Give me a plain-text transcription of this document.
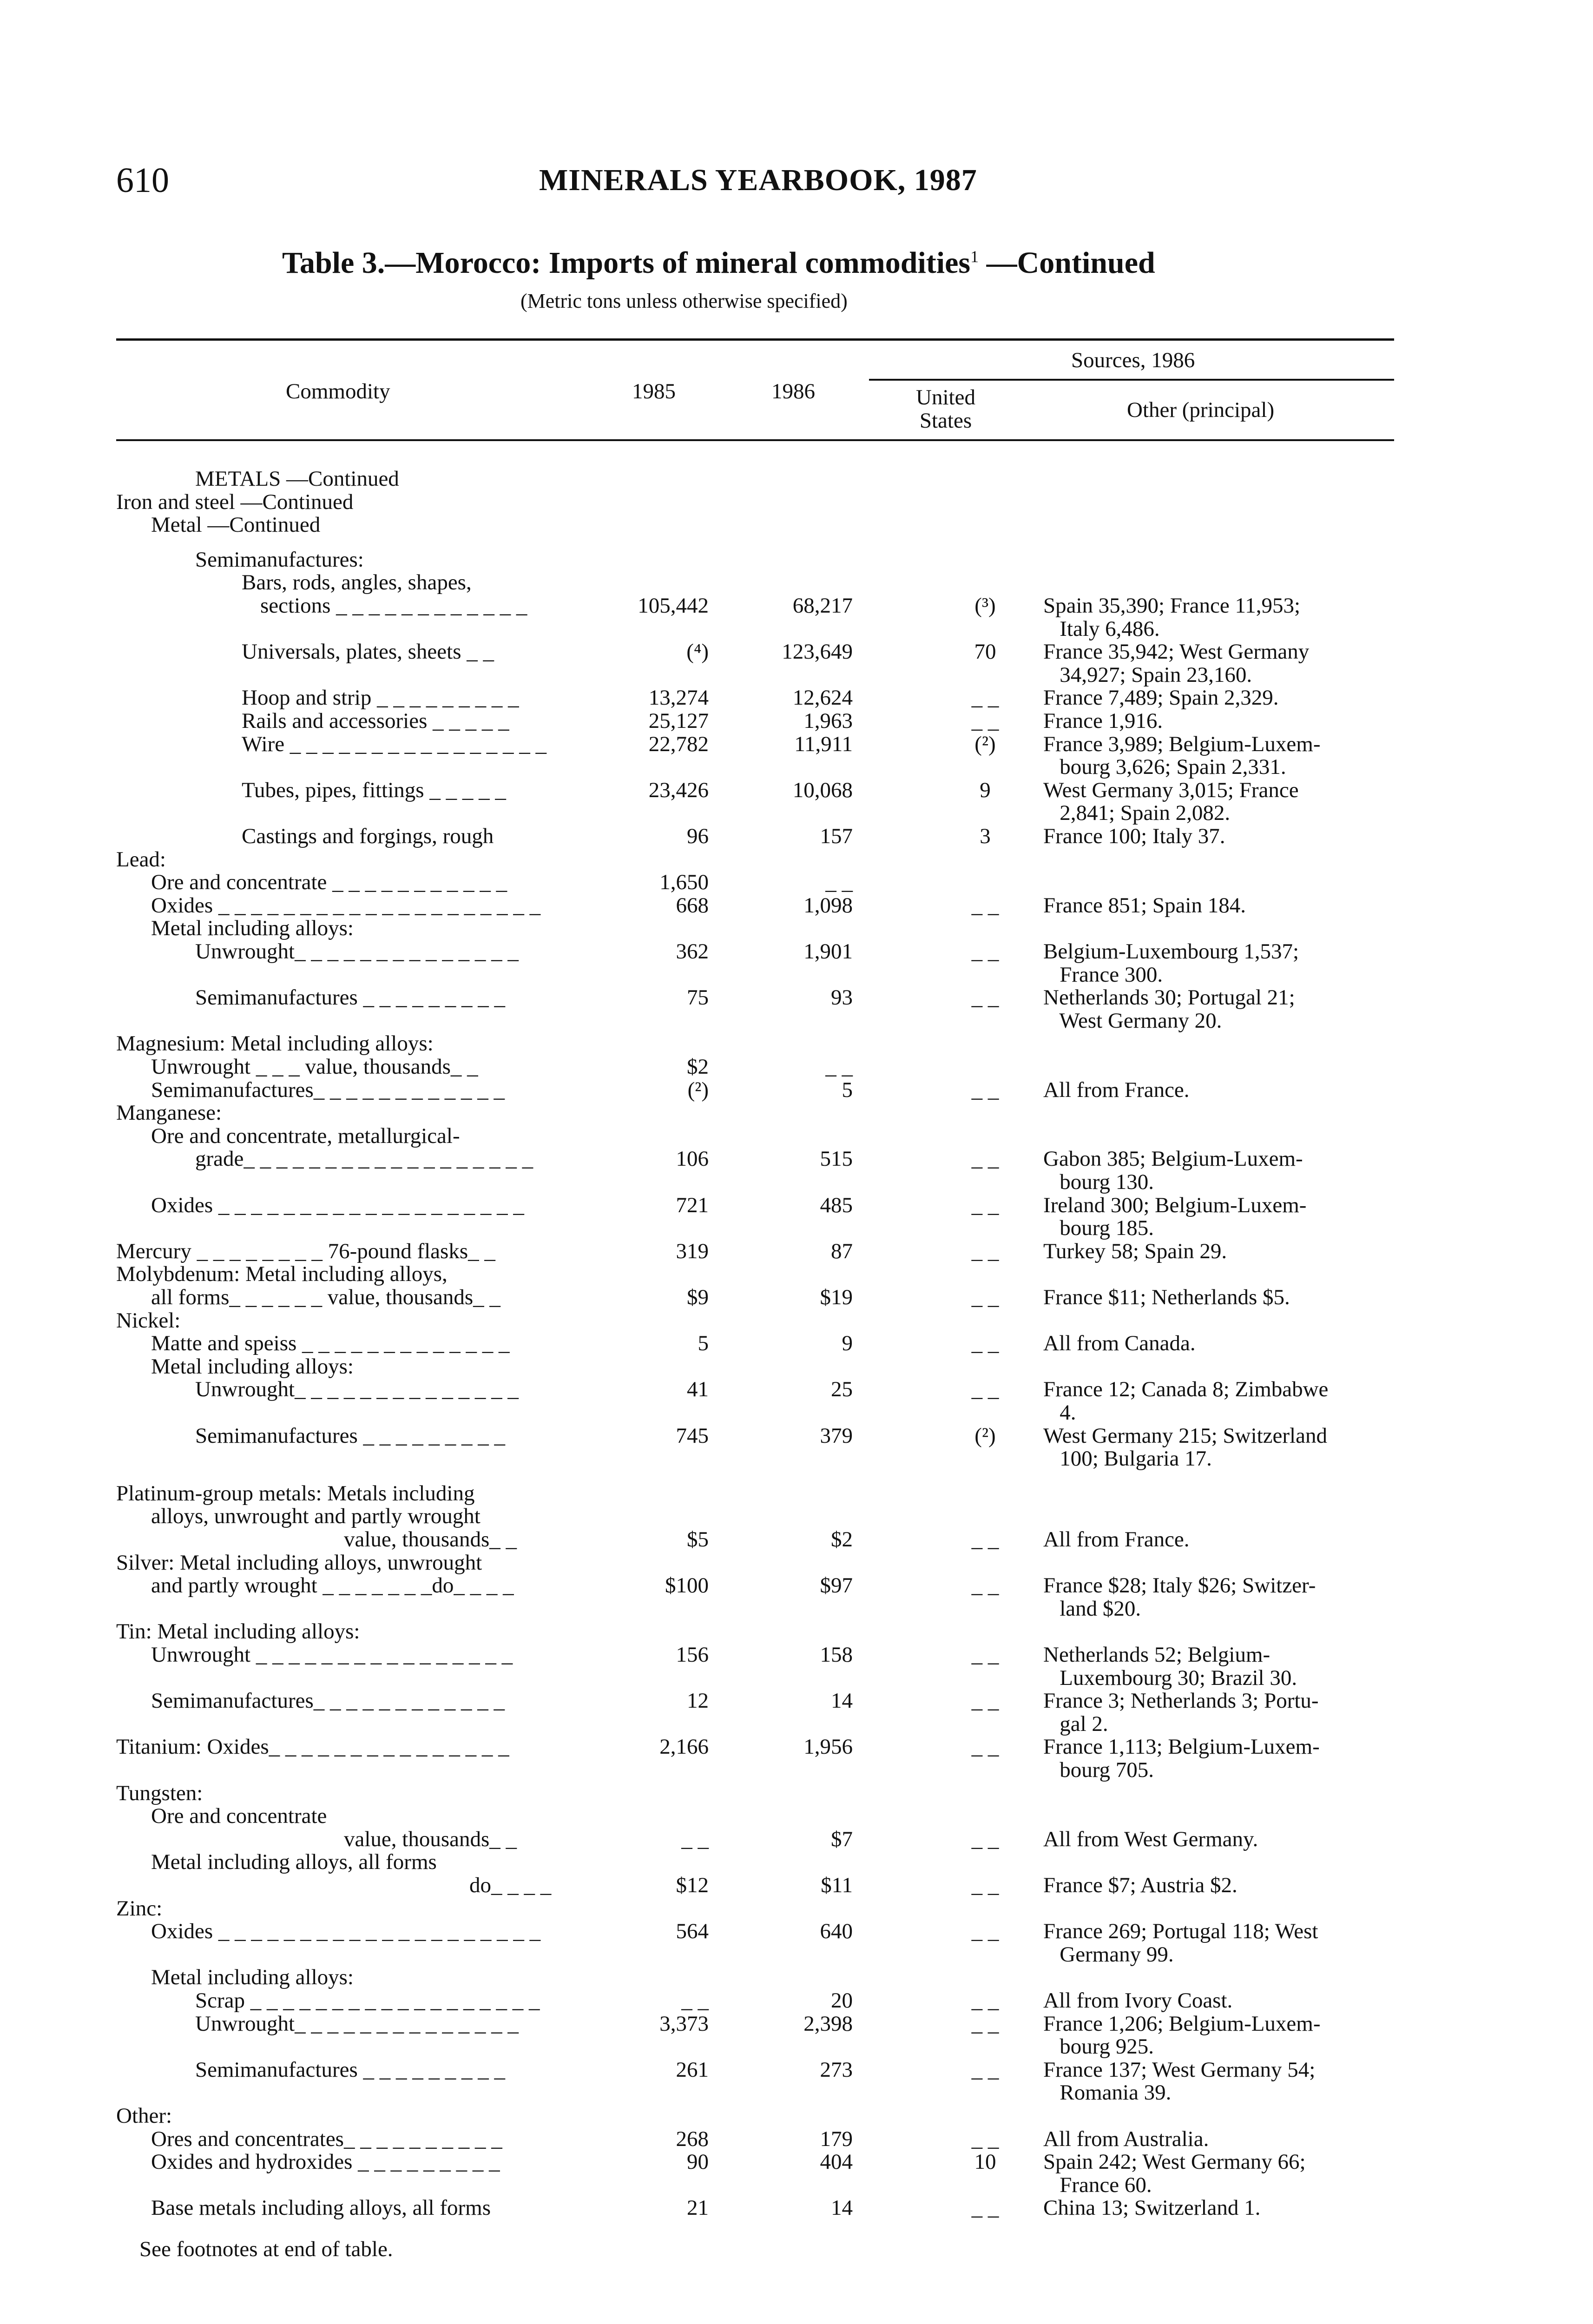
610	MINERALS YEARBOOK, 1987
Table 3.—Morocco: Imports of mineral commodities$^1$ —Continued
(Metric tons unless otherwise specified)
Commodity	1985	1986
Sources, 1986
United
States	Other (principal)
METALS —Continued
Iron and steel —Continued
Metal —Continued
Semimanufactures:
Bars, rods, angles, shapes,
sections _ _ _ _ _ _ _ _ _ _ _ _	105,442	68,217	(³)	Spain 35,390; France 11,953;
Italy 6,486.
Universals, plates, sheets _ _	(⁴)	123,649	70	France 35,942; West Germany
34,927; Spain 23,160.
Hoop and strip _ _ _ _ _ _ _ _ _	13,274	12,624	_ _	France 7,489; Spain 2,329.
Rails and accessories _ _ _ _ _	25,127	1,963	_ _	France 1,916.
Wire _ _ _ _ _ _ _ _ _ _ _ _ _ _ _ _	22,782	11,911	(²)	France 3,989; Belgium-Luxem-
bourg 3,626; Spain 2,331.
Tubes, pipes, fittings _ _ _ _ _	23,426	10,068	9	West Germany 3,015; France
2,841; Spain 2,082.
Castings and forgings, rough	96	157	3	France 100; Italy 37.
Lead:
Ore and concentrate _ _ _ _ _ _ _ _ _ _ _	1,650	_ _
Oxides _ _ _ _ _ _ _ _ _ _ _ _ _ _ _ _ _ _ _ _	668	1,098	_ _	France 851; Spain 184.
Metal including alloys:
Unwrought_ _ _ _ _ _ _ _ _ _ _ _ _ _	362	1,901	_ _	Belgium-Luxembourg 1,537;
France 300.
Semimanufactures _ _ _ _ _ _ _ _ _	75	93	_ _	Netherlands 30; Portugal 21;
West Germany 20.
Magnesium: Metal including alloys:
Unwrought _ _ _ value, thousands_ _	$2	_ _
Semimanufactures_ _ _ _ _ _ _ _ _ _ _ _	(²)	5	_ _	All from France.
Manganese:
Ore and concentrate, metallurgical-
grade_ _ _ _ _ _ _ _ _ _ _ _ _ _ _ _ _ _	106	515	_ _	Gabon 385; Belgium-Luxem-
bourg 130.
Oxides _ _ _ _ _ _ _ _ _ _ _ _ _ _ _ _ _ _ _	721	485	_ _	Ireland 300; Belgium-Luxem-
bourg 185.
Mercury _ _ _ _ _ _ _ _ 76-pound flasks_ _	319	87	_ _	Turkey 58; Spain 29.
Molybdenum: Metal including alloys,
all forms_ _ _ _ _ _ value, thousands_ _	$9	$19	_ _	France $11; Netherlands $5.
Nickel:
Matte and speiss _ _ _ _ _ _ _ _ _ _ _ _ _	5	9	_ _	All from Canada.
Metal including alloys:
Unwrought_ _ _ _ _ _ _ _ _ _ _ _ _ _	41	25	_ _	France 12; Canada 8; Zimbabwe
4.
Semimanufactures _ _ _ _ _ _ _ _ _	745	379	(²)	West Germany 215; Switzerland
100; Bulgaria 17.
Platinum-group metals: Metals including
alloys, unwrought and partly wrought
value, thousands_ _	$5	$2	_ _	All from France.
Silver: Metal including alloys, unwrought
and partly wrought _ _ _ _ _ _ _do_ _ _ _	$100	$97	_ _	France $28; Italy $26; Switzer-
land $20.
Tin: Metal including alloys:
Unwrought _ _ _ _ _ _ _ _ _ _ _ _ _ _ _ _	156	158	_ _	Netherlands 52; Belgium-
Luxembourg 30; Brazil 30.
Semimanufactures_ _ _ _ _ _ _ _ _ _ _ _	12	14	_ _	France 3; Netherlands 3; Portu-
gal 2.
Titanium: Oxides_ _ _ _ _ _ _ _ _ _ _ _ _ _ _	2,166	1,956	_ _	France 1,113; Belgium-Luxem-
bourg 705.
Tungsten:
Ore and concentrate
value, thousands_ _	_ _	$7	_ _	All from West Germany.
Metal including alloys, all forms
do_ _ _ _	$12	$11	_ _	France $7; Austria $2.
Zinc:
Oxides _ _ _ _ _ _ _ _ _ _ _ _ _ _ _ _ _ _ _ _	564	640	_ _	France 269; Portugal 118; West
Germany 99.
Metal including alloys:
Scrap _ _ _ _ _ _ _ _ _ _ _ _ _ _ _ _ _ _	_ _	20	_ _	All from Ivory Coast.
Unwrought_ _ _ _ _ _ _ _ _ _ _ _ _ _	3,373	2,398	_ _	France 1,206; Belgium-Luxem-
bourg 925.
Semimanufactures _ _ _ _ _ _ _ _ _	261	273	_ _	France 137; West Germany 54;
Romania 39.
Other:
Ores and concentrates_ _ _ _ _ _ _ _ _ _	268	179	_ _	All from Australia.
Oxides and hydroxides _ _ _ _ _ _ _ _ _	90	404	10	Spain 242; West Germany 66;
France 60.
Base metals including alloys, all forms	21	14	_ _	China 13; Switzerland 1.
See footnotes at end of table.
